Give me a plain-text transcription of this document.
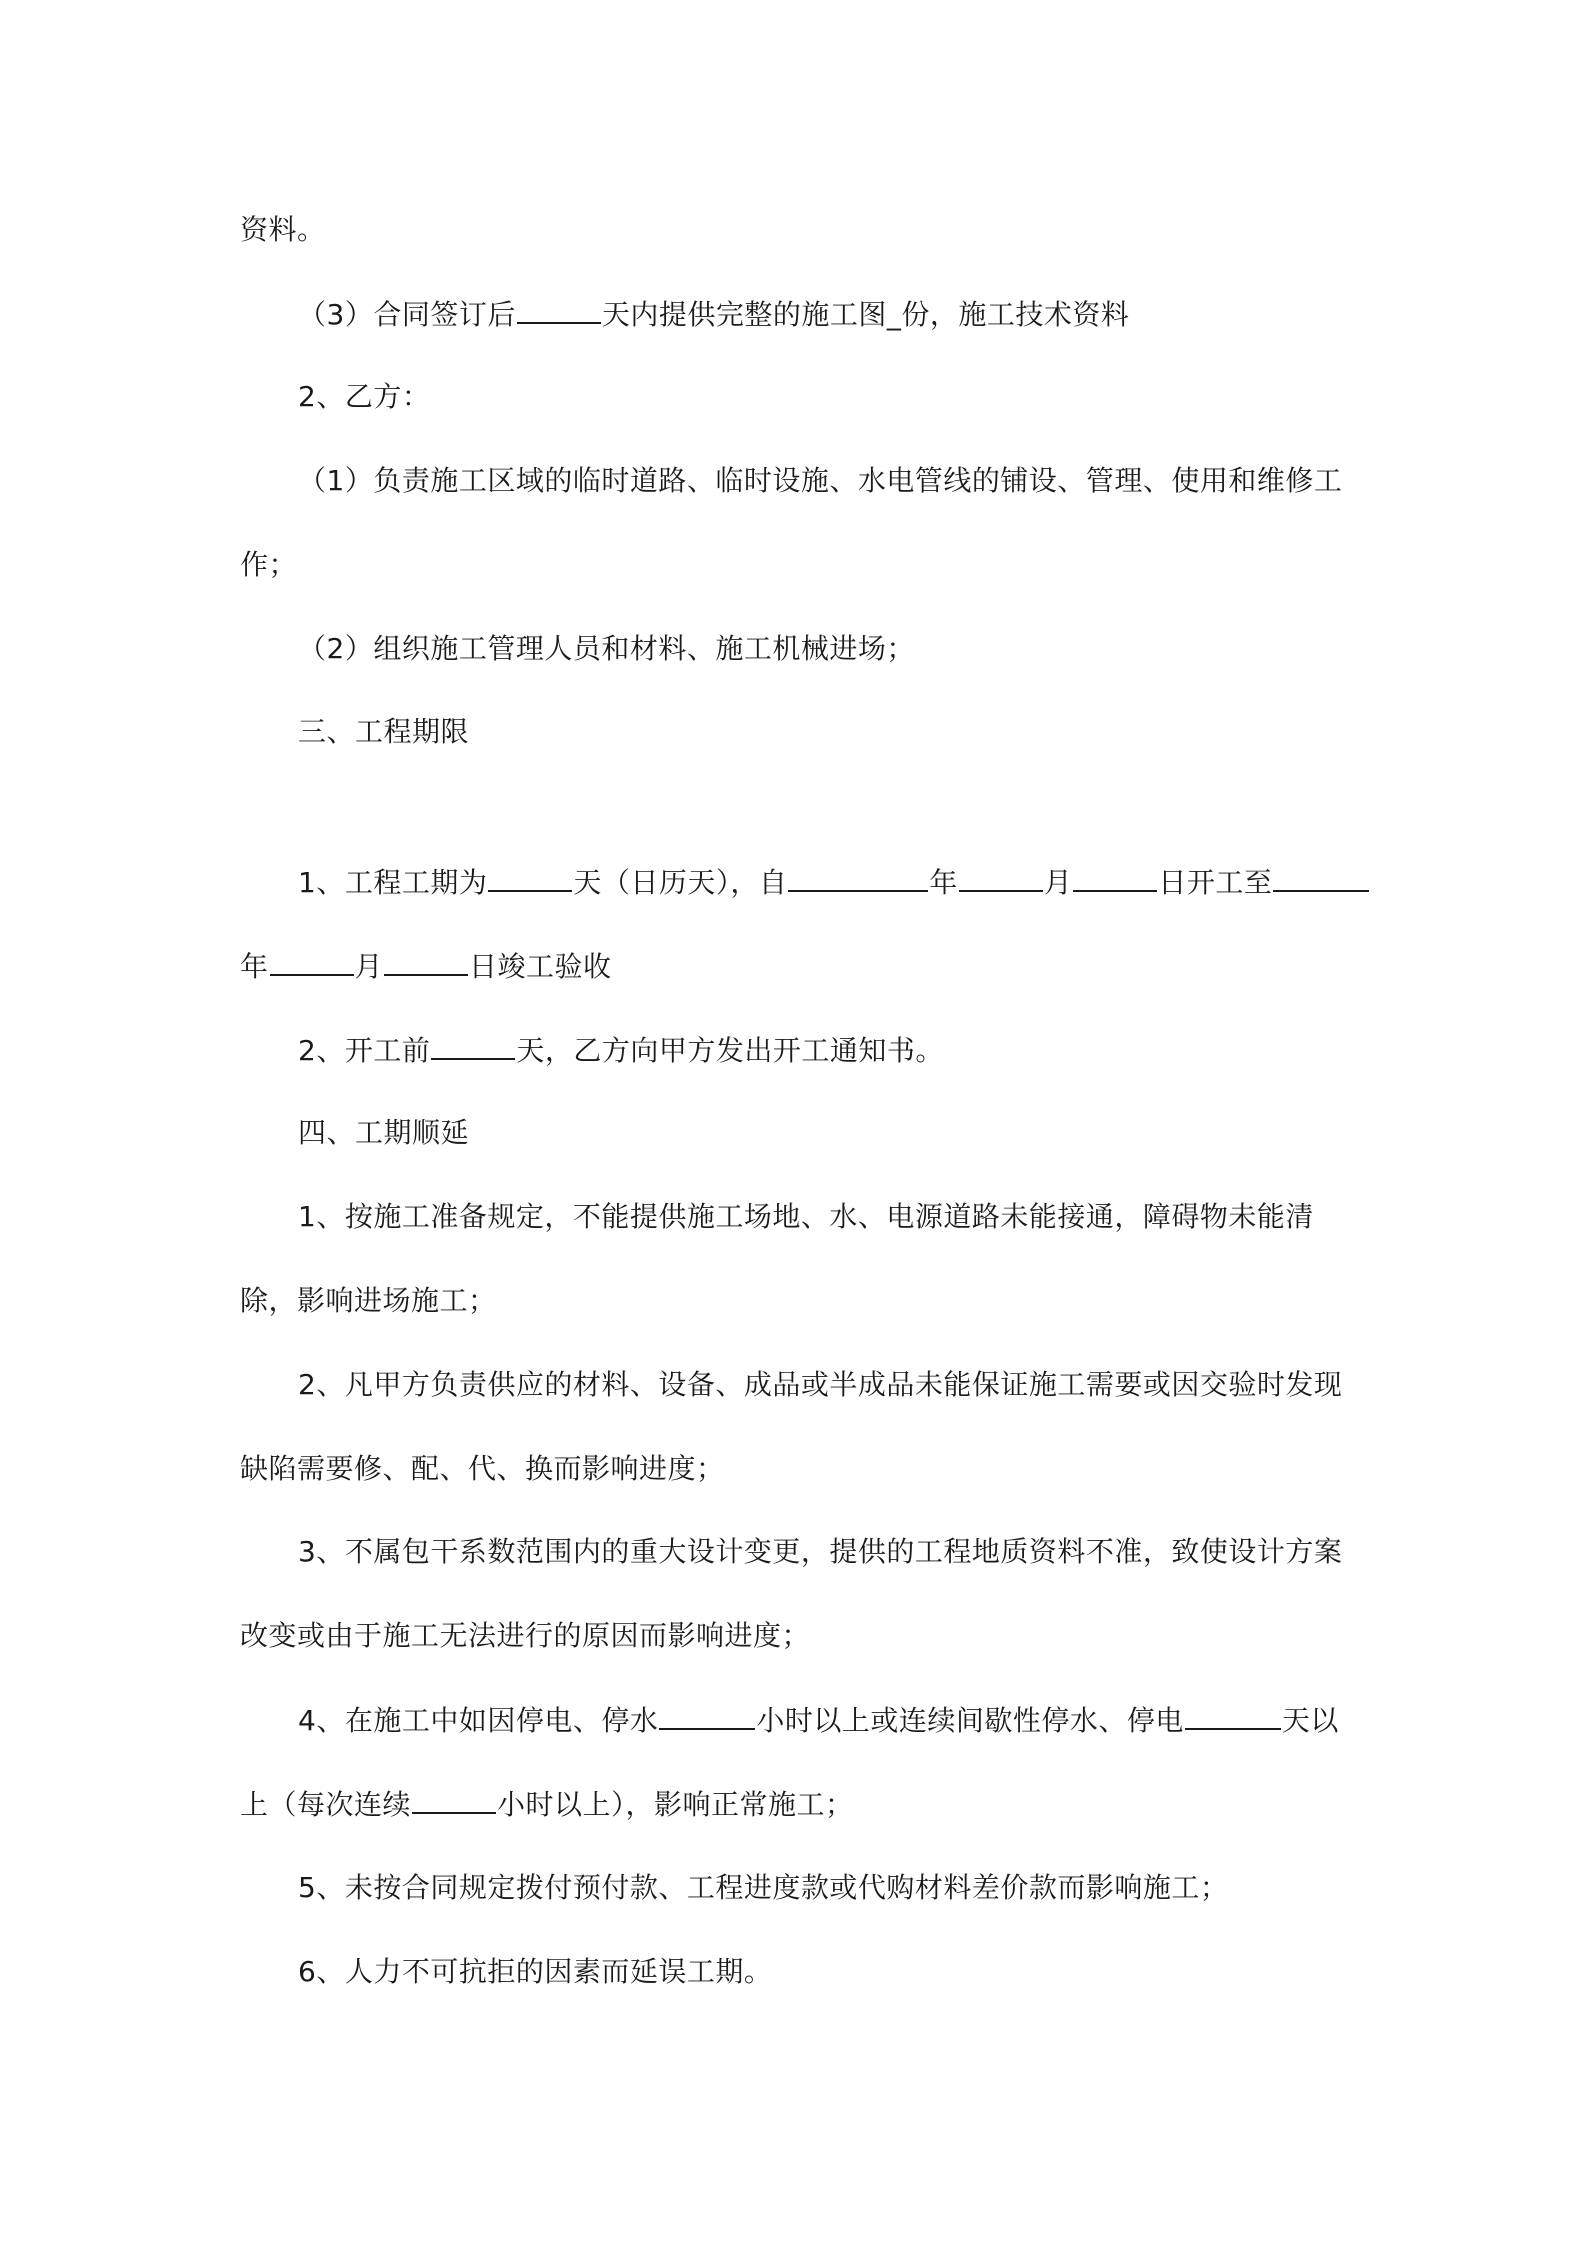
资料。
（3）合同签订后	天内提供完整的施工图_份，施工技术资料
2、乙方：
（1）负责施工区域的临时道路、临时设施、水电管线的铺设、管理、使用和维修工
作；
（2）组织施工管理人员和材料、施工机械进场；
三、工程期限
1、工程工期为	天（日历天），自	年	月	日开工至
年	月	日竣工验收
2、开工前	天，乙方向甲方发出开工通知书。
四、工期顺延
1、按施工准备规定，不能提供施工场地、水、电源道路未能接通，障碍物未能清
除，影响进场施工；
2、凡甲方负责供应的材料、设备、成品或半成品未能保证施工需要或因交验时发现
缺陷需要修、配、代、换而影响进度；
3、不属包干系数范围内的重大设计变更，提供的工程地质资料不准，致使设计方案
改变或由于施工无法进行的原因而影响进度；
4、在施工中如因停电、停水	小时以上或连续间歇性停水、停电	天以
上（每次连续	小时以上），影响正常施工；
5、未按合同规定拨付预付款、工程进度款或代购材料差价款而影响施工；
6、人力不可抗拒的因素而延误工期。
